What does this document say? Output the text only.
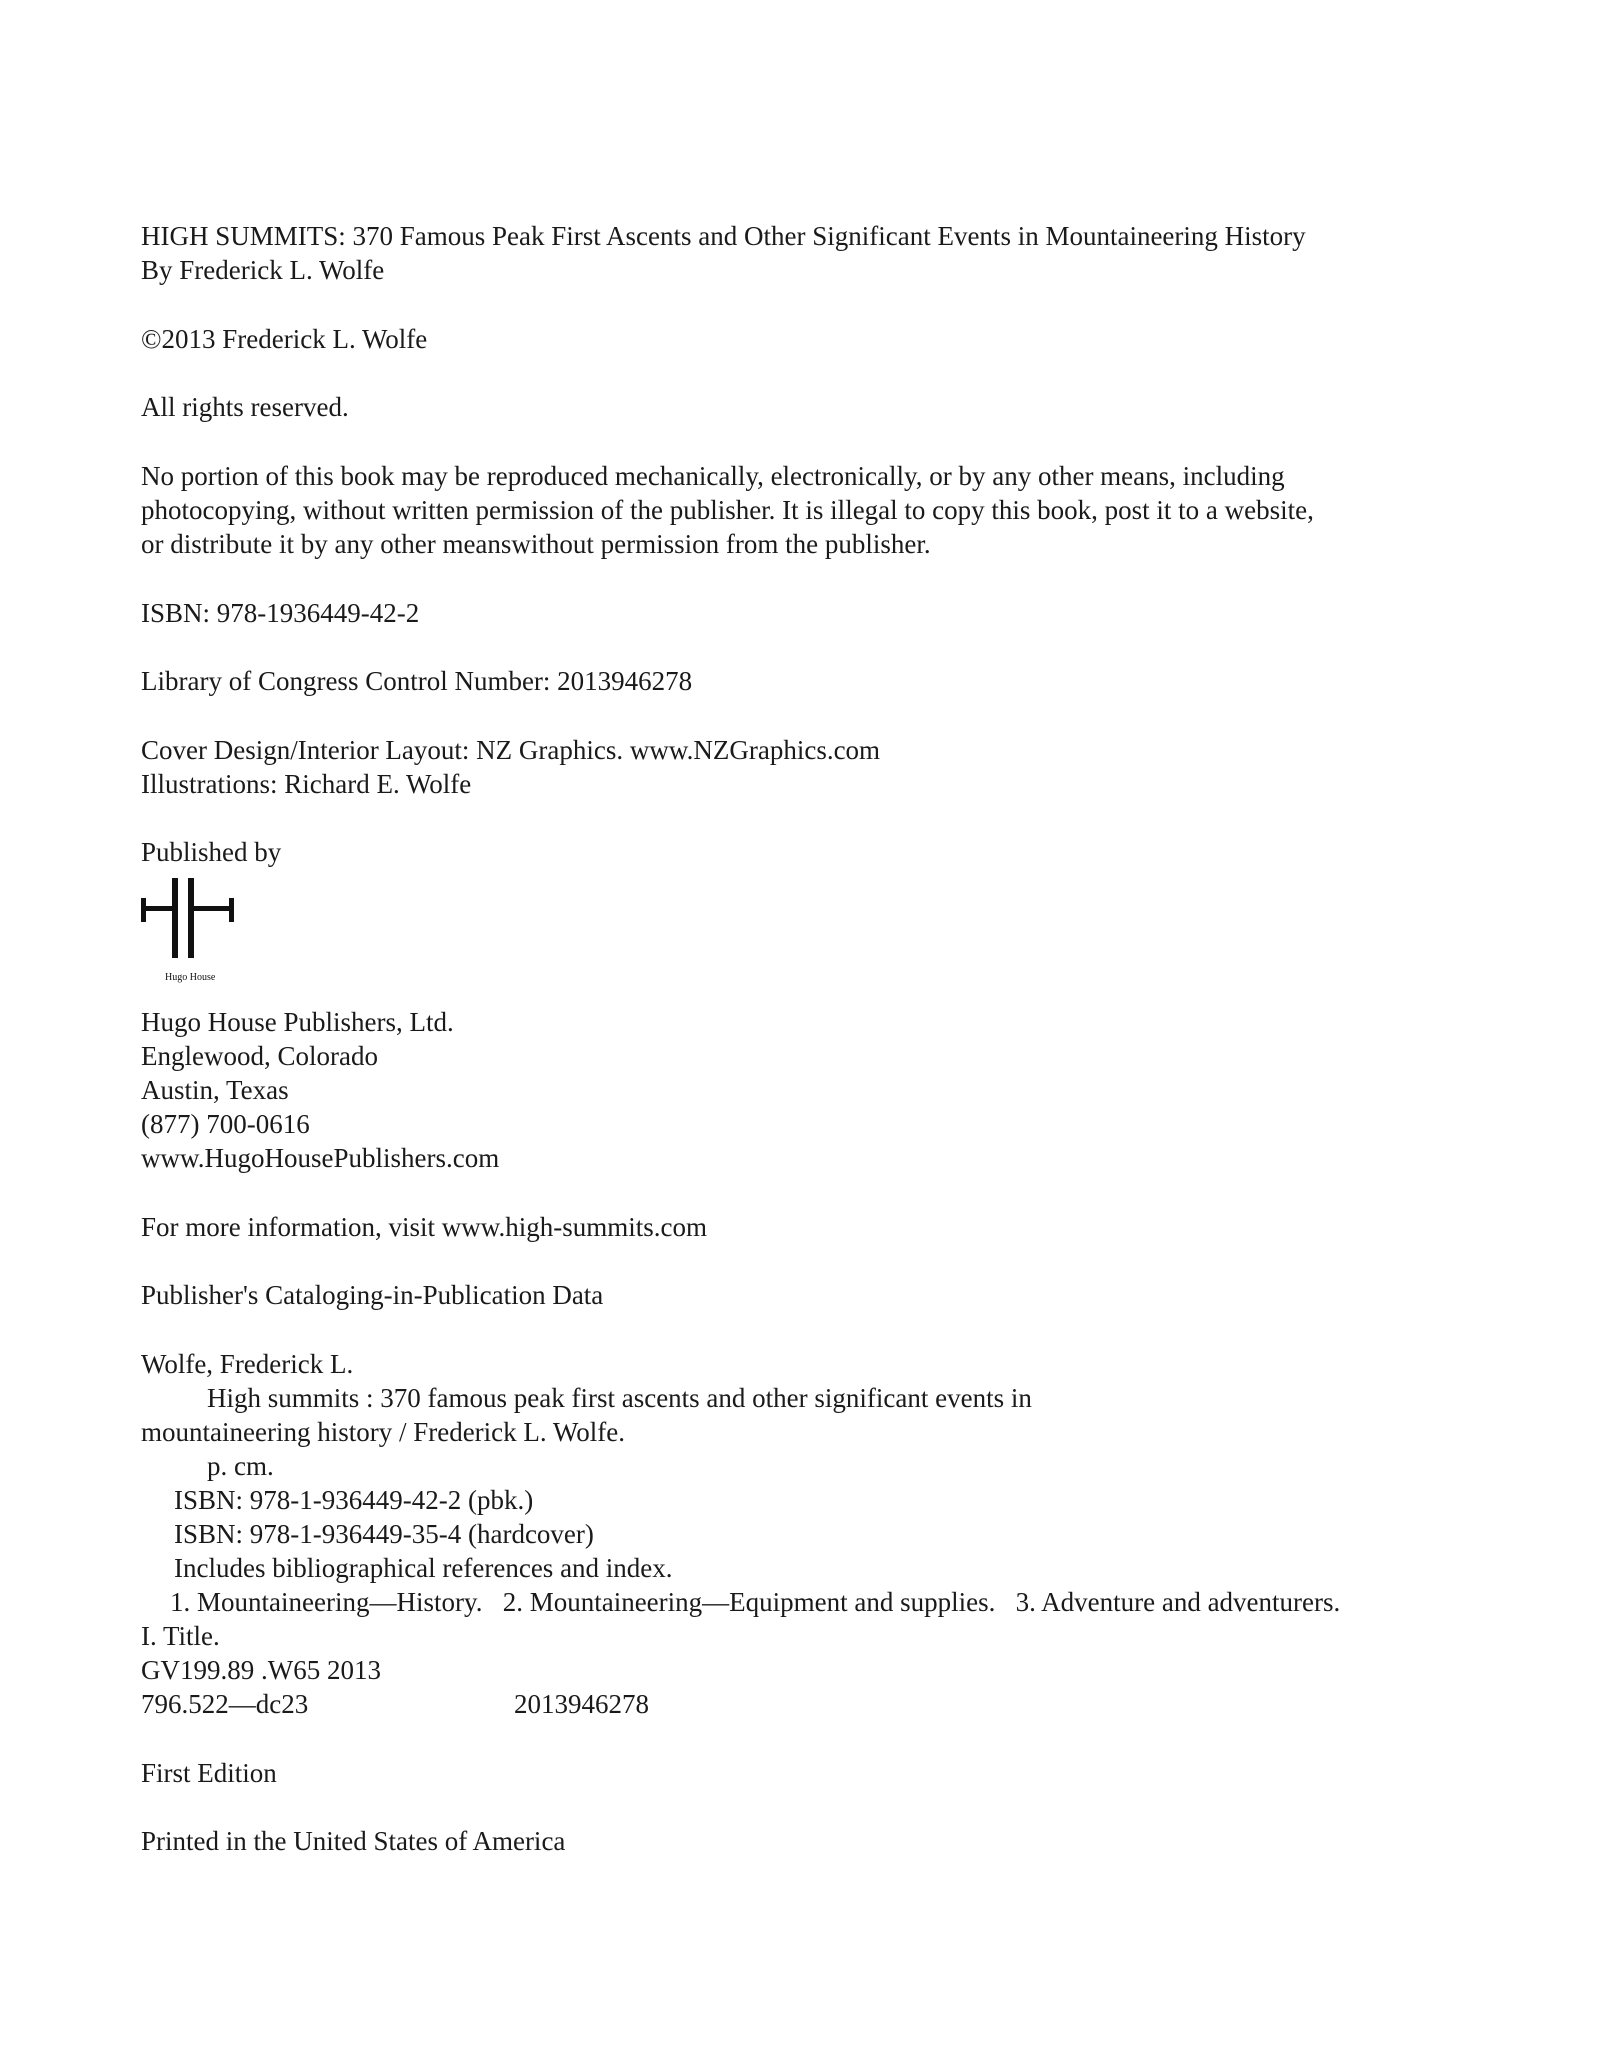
HIGH SUMMITS: 370 Famous Peak First Ascents and Other Significant Events in Mountaineering History
By Frederick L. Wolfe
©2013 Frederick L. Wolfe
All rights reserved.
No portion of this book may be reproduced mechanically, electronically, or by any other means, including
photocopying, without written permission of the publisher. It is illegal to copy this book, post it to a website,
or distribute it by any other meanswithout permission from the publisher.
ISBN: 978-1936449-42-2
Library of Congress Control Number: 2013946278
Cover Design/Interior Layout: NZ Graphics. www.NZGraphics.com
Illustrations: Richard E. Wolfe
Published by
Hugo House
Hugo House Publishers, Ltd.
Englewood, Colorado
Austin, Texas
(877) 700-0616
www.HugoHousePublishers.com
For more information, visit www.high-summits.com
Publisher's Cataloging-in-Publication Data
Wolfe, Frederick L.
High summits : 370 famous peak first ascents and other significant events in
mountaineering history / Frederick L. Wolfe.
p. cm.
ISBN: 978-1-936449-42-2 (pbk.)
ISBN: 978-1-936449-35-4 (hardcover)
Includes bibliographical references and index.
1. Mountaineering—History.   2. Mountaineering—Equipment and supplies.   3. Adventure and adventurers.
I. Title.
GV199.89 .W65 2013
796.522—dc23	2013946278
First Edition
Printed in the United States of America
